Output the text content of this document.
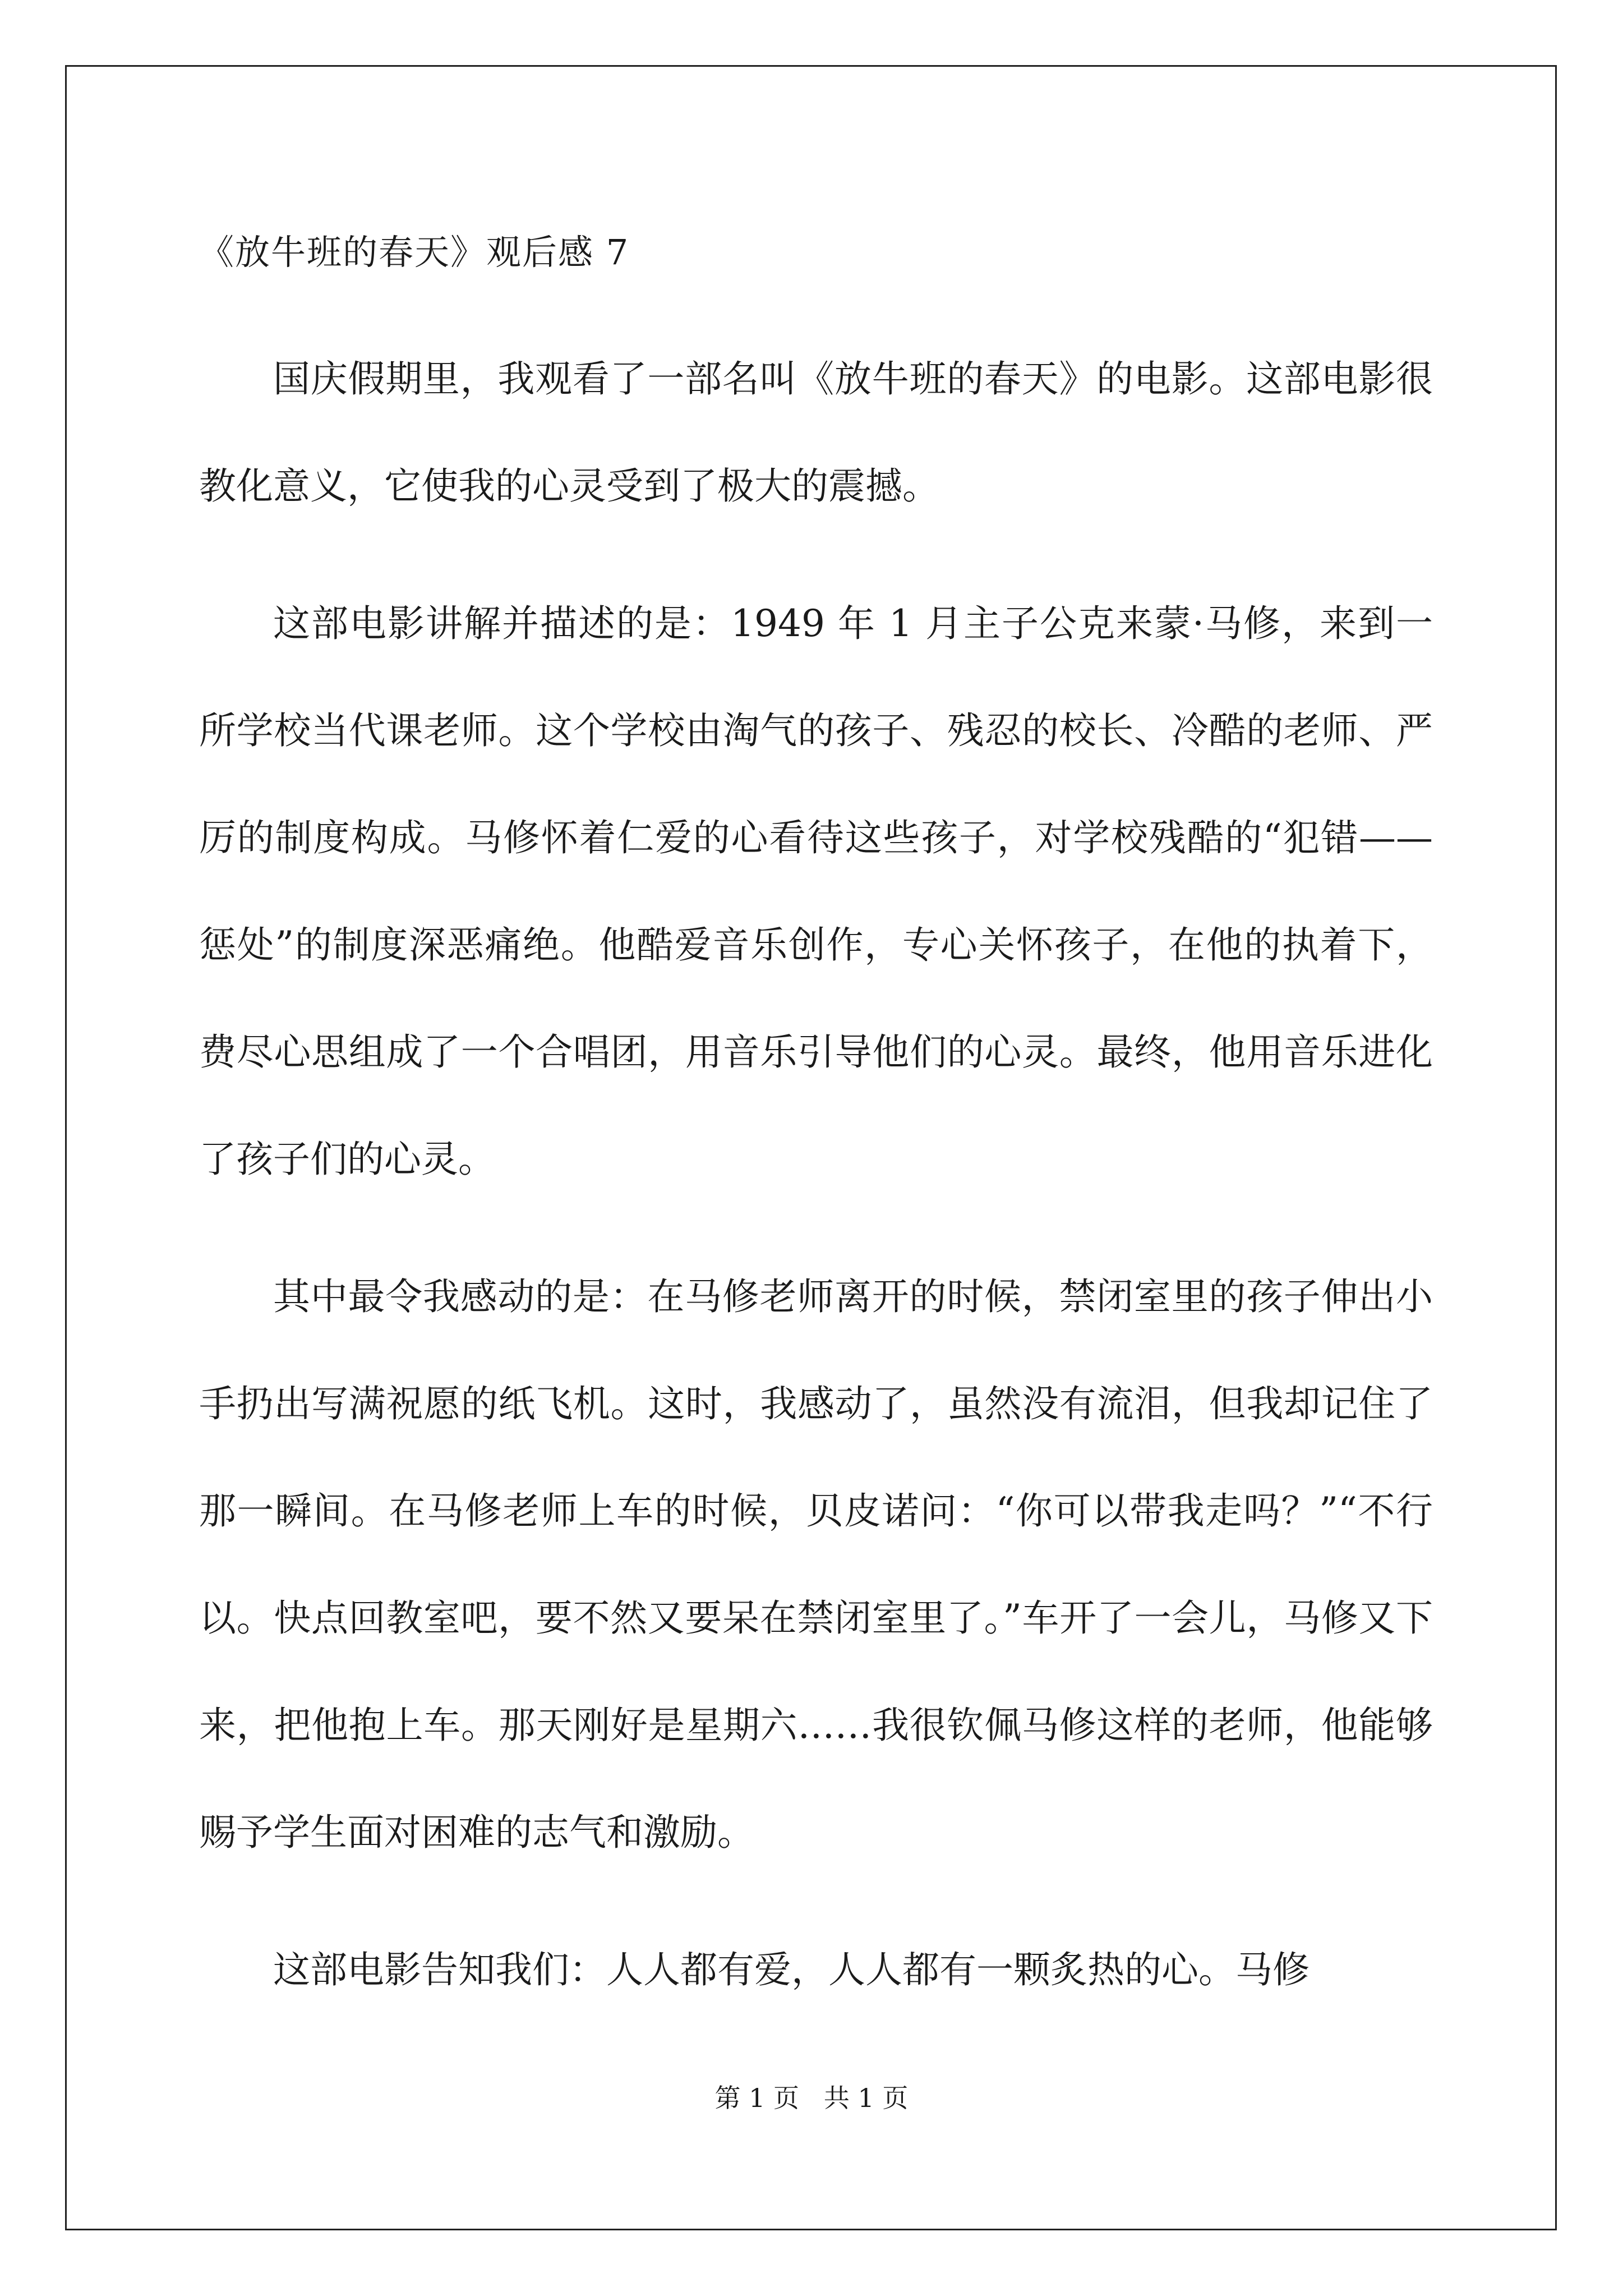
《放牛班的春天》观后感 7

国庆假期里，我观看了一部名叫《放牛班的春天》的电影。这部电影很教化意义，它使我的心灵受到了极大的震撼。

这部电影讲解并描述的是：1949 年 1 月主子公克来蒙·马修，来到一所学校当代课老师。这个学校由淘气的孩子、残忍的校长、冷酷的老师、严厉的制度构成。马修怀着仁爱的心看待这些孩子，对学校残酷的“犯错——惩处”的制度深恶痛绝。他酷爱音乐创作，专心关怀孩子，在他的执着下，费尽心思组成了一个合唱团，用音乐引导他们的心灵。最终，他用音乐进化了孩子们的心灵。

其中最令我感动的是：在马修老师离开的时候，禁闭室里的孩子伸出小手扔出写满祝愿的纸飞机。这时，我感动了，虽然没有流泪，但我却记住了那一瞬间。在马修老师上车的时候，贝皮诺问：“你可以带我走吗？”“不行以。快点回教室吧，要不然又要呆在禁闭室里了。”车开了一会儿，马修又下来，把他抱上车。那天刚好是星期六……我很钦佩马修这样的老师，他能够赐予学生面对困难的志气和激励。

这部电影告知我们：人人都有爱，人人都有一颗炙热的心。马修

第 1 页   共 1 页
